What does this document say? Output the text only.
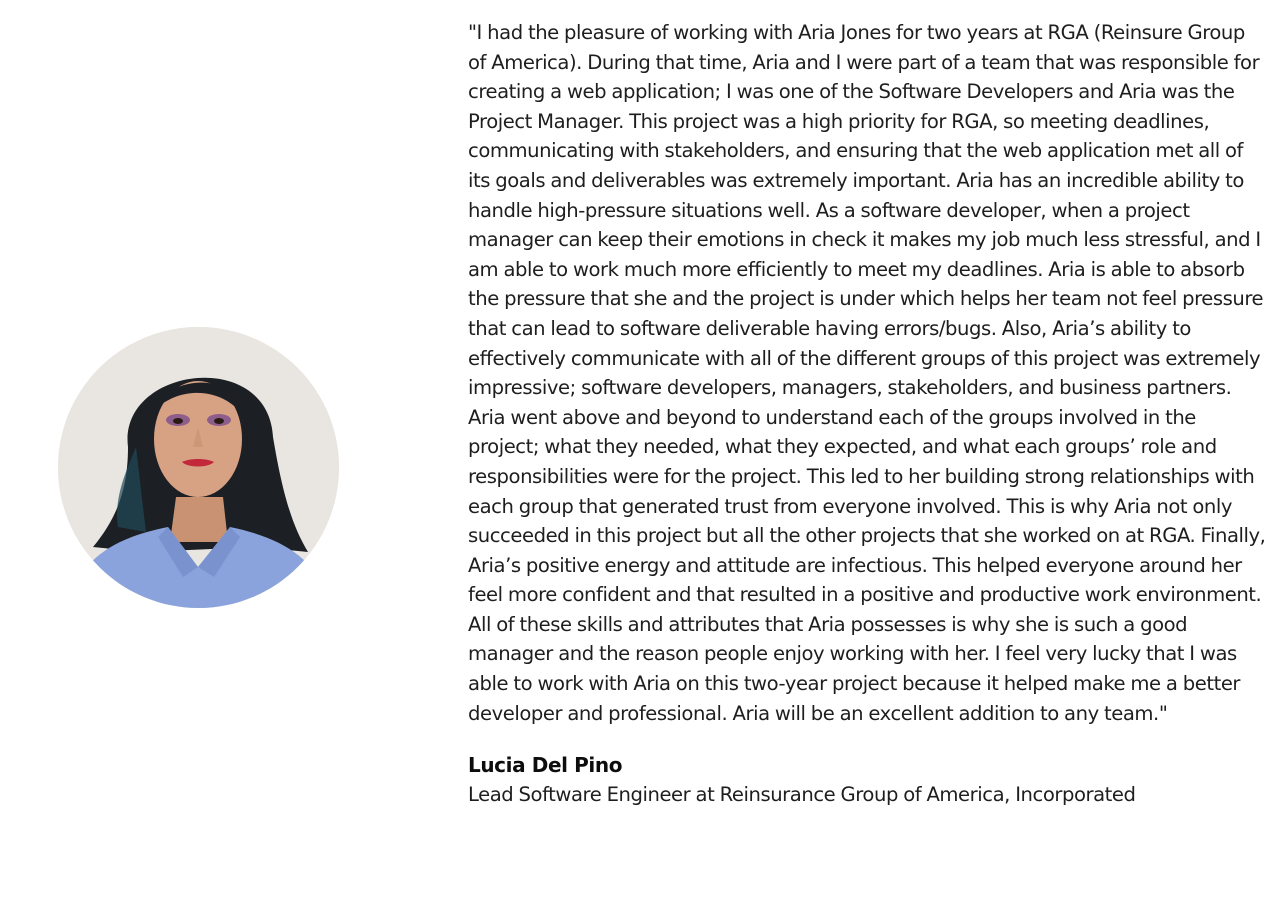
"I had the pleasure of working with Aria Jones for two years at RGA (Reinsure Group of America). During that time, Aria and I were part of a team that was responsible for creating a web application; I was one of the Software Developers and Aria was the Project Manager. This project was a high priority for RGA, so meeting deadlines, communicating with stakeholders, and ensuring that the web application met all of its goals and deliverables was extremely important. Aria has an incredible ability to handle high-pressure situations well. As a software developer, when a project manager can keep their emotions in check it makes my job much less stressful, and I am able to work much more efficiently to meet my deadlines. Aria is able to absorb the pressure that she and the project is under which helps her team not feel pressure that can lead to software deliverable having errors/bugs. Also, Aria’s ability to effectively communicate with all of the different groups of this project was extremely impressive; software developers, managers, stakeholders, and business partners. Aria went above and beyond to understand each of the groups involved in the project; what they needed, what they expected, and what each groups’ role and responsibilities were for the project. This led to her building strong relationships with each group that generated trust from everyone involved. This is why Aria not only succeeded in this project but all the other projects that she worked on at RGA. Finally, Aria’s positive energy and attitude are infectious. This helped everyone around her feel more confident and that resulted in a positive and productive work environment. All of these skills and attributes that Aria possesses is why she is such a good manager and the reason people enjoy working with her. I feel very lucky that I was able to work with Aria on this two-year project because it helped make me a better developer and professional. Aria will be an excellent addition to any team."

Lucia Del Pino

Lead Software Engineer at Reinsurance Group of America, Incorporated
